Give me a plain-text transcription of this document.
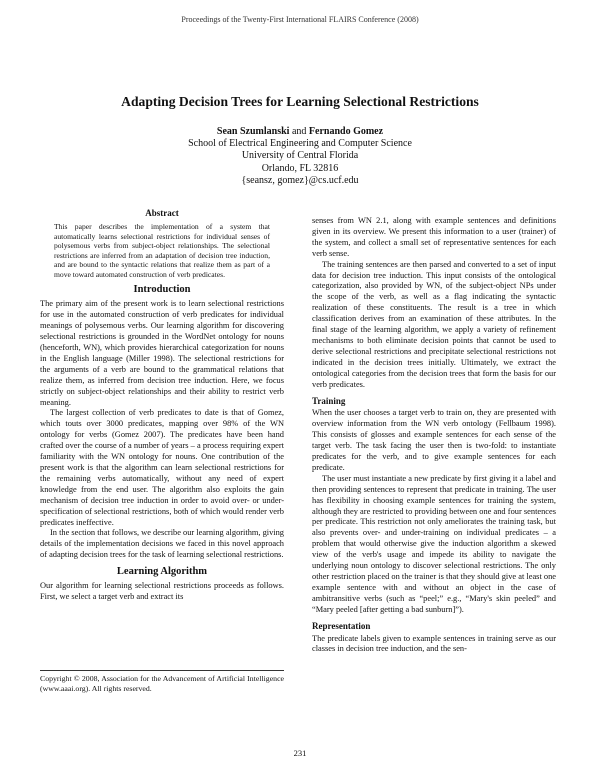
Proceedings of the Twenty-First International FLAIRS Conference (2008)
Adapting Decision Trees for Learning Selectional Restrictions
Sean Szumlanski and Fernando Gomez
School of Electrical Engineering and Computer Science
University of Central Florida
Orlando, FL 32816
{seansz, gomez}@cs.ucf.edu
Abstract

This paper describes the implementation of a system that automatically learns selectional restrictions for individual senses of polysemous verbs from subject-object relationships. The selectional restrictions are inferred from an adaptation of decision tree induction, and are bound to the syntactic relations that realize them as part of a move toward automated construction of verb predicates.

Introduction

The primary aim of the present work is to learn selectional restrictions for use in the automated construction of verb predicates for individual meanings of polysemous verbs. Our learning algorithm for discovering selectional restrictions is grounded in the WordNet ontology for nouns (henceforth, WN), which provides hierarchical categorization for nouns in the English language (Miller 1998). The selectional restrictions for the arguments of a verb are bound to the grammatical relations that realize them, as inferred from decision tree induction. Here, we focus strictly on subject-object relationships and their ability to restrict verb meaning.

The largest collection of verb predicates to date is that of Gomez, which touts over 3000 predicates, mapping over 98% of the WN ontology for verbs (Gomez 2007). The predicates have been hand crafted over the course of a number of years – a process requiring expert familiarity with the WN ontology for nouns. One contribution of the present work is that the algorithm can learn selectional restrictions for the remaining verbs automatically, without any need of expert knowledge from the end user. The algorithm also exploits the gain mechanism of decision tree induction in order to avoid over- or under-specification of selectional restrictions, both of which would render verb predicates ineffective.

In the section that follows, we describe our learning algorithm, giving details of the implementation decisions we faced in this novel approach of adapting decision trees for the task of learning selectional restrictions.

Learning Algorithm

Our algorithm for learning selectional restrictions proceeds as follows. First, we select a target verb and extract its

Copyright © 2008, Association for the Advancement of Artificial Intelligence (www.aaai.org). All rights reserved.

senses from WN 2.1, along with example sentences and definitions given in its overview. We present this information to a user (trainer) of the system, and collect a small set of representative sentences for each verb sense.

The training sentences are then parsed and converted to a set of input data for decision tree induction. This input consists of the ontological categorization, also provided by WN, of the subject-object NPs under the scope of the verb, as well as a flag indicating the syntactic realization of these constituents. The result is a tree in which classification derives from an examination of these attributes. In the final stage of the learning algorithm, we apply a variety of refinement mechanisms to both eliminate decision points that cannot be used to derive selectional restrictions and precipitate selectional restrictions not indicated in the decision trees initially. Ultimately, we extract the ontological categories from the decision trees that form the basis for our verb predicates.

Training

When the user chooses a target verb to train on, they are presented with overview information from the WN verb ontology (Fellbaum 1998). This consists of glosses and example sentences for each sense of the target verb. The task facing the user then is two-fold: to instantiate predicates for the verb, and to give example sentences for each predicate.

The user must instantiate a new predicate by first giving it a label and then providing sentences to represent that predicate in training. The user has flexibility in choosing example sentences for training the system, although they are restricted to providing between one and four sentences per predicate. This restriction not only ameliorates the training task, but also prevents over- and under-training on individual predicates – a problem that would otherwise give the induction algorithm a skewed view of the verb's usage and impede its ability to navigate the underlying noun ontology to discover selectional restrictions. The only other restriction placed on the trainer is that they should give at least one example sentence with and without an object in the case of ambitransitive verbs (such as “peel;” e.g., “Mary's skin peeled” and “Mary peeled [after getting a bad sunburn]”).

Representation

The predicate labels given to example sentences in training serve as our classes in decision tree induction, and the sen-

231
